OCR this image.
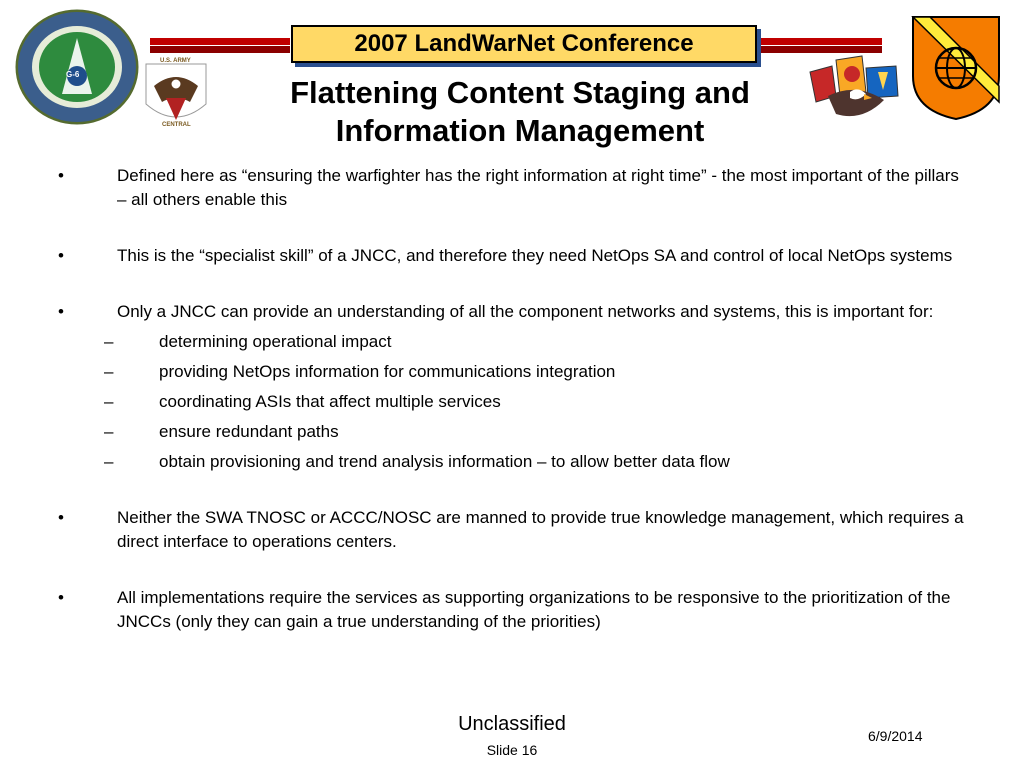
2007 LandWarNet Conference
Flattening Content Staging and
Information Management
G-6
U.S. ARMY
CENTRAL
•	Defined here as “ensuring the warfighter has the right information at right time” - the most important of the pillars – all others enable this
•	This is the “specialist skill” of a JNCC, and therefore they need NetOps SA and control of local NetOps systems
•	Only a JNCC can provide an understanding of all the component networks and systems, this is important for:
–	determining operational impact
–	providing NetOps information for communications integration
–	coordinating ASIs that affect multiple services
–	ensure redundant paths
–	obtain provisioning and trend analysis information – to allow better data flow
•	Neither the SWA TNOSC or ACCC/NOSC are manned to provide true knowledge management, which requires a direct interface to operations centers.
•	All implementations require the services as supporting organizations to be responsive to the prioritization of the JNCCs (only they can gain a true understanding of the priorities)
Unclassified
Slide 16
6/9/2014
